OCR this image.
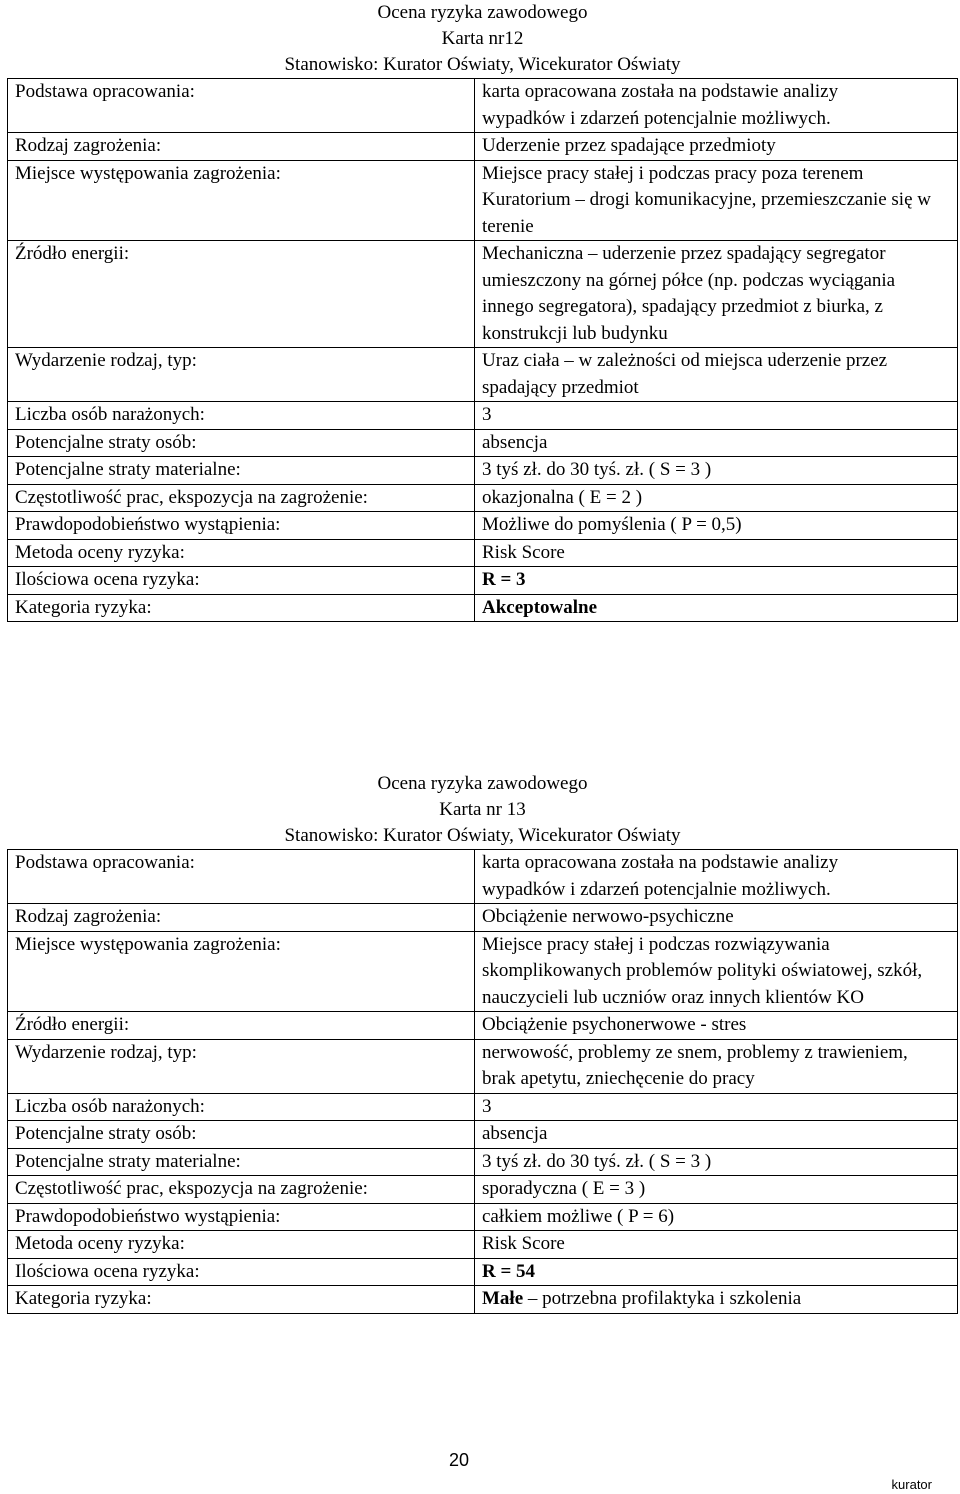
Ocena ryzyka zawodowego
Karta nr12
Stanowisko: Kurator Oświaty, Wicekurator Oświaty
Podstawa opracowania:	karta opracowana została na podstawie analizy wypadków i zdarzeń potencjalnie możliwych.
Rodzaj zagrożenia:	Uderzenie przez spadające przedmioty
Miejsce występowania zagrożenia:	Miejsce pracy stałej i podczas pracy poza terenem Kuratorium – drogi komunikacyjne, przemieszczanie się w terenie
Źródło energii:	Mechaniczna – uderzenie przez spadający segregator umieszczony na górnej półce (np. podczas wyciągania innego segregatora), spadający przedmiot z biurka, z konstrukcji lub budynku
Wydarzenie rodzaj, typ:	Uraz ciała – w zależności od miejsca uderzenie przez spadający przedmiot
Liczba osób narażonych:	3
Potencjalne straty osób:	absencja
Potencjalne straty materialne:	3 tyś zł. do 30 tyś. zł. ( S = 3 )
Częstotliwość prac, ekspozycja na zagrożenie:	okazjonalna ( E = 2 )
Prawdopodobieństwo wystąpienia:	Możliwe do pomyślenia ( P = 0,5)
Metoda oceny ryzyka:	Risk Score
Ilościowa ocena ryzyka:	R = 3
Kategoria ryzyka:	Akceptowalne
Ocena ryzyka zawodowego
Karta nr 13
Stanowisko: Kurator Oświaty, Wicekurator Oświaty
Podstawa opracowania:	karta opracowana została na podstawie analizy wypadków i zdarzeń potencjalnie możliwych.
Rodzaj zagrożenia:	Obciążenie nerwowo-psychiczne
Miejsce występowania zagrożenia:	Miejsce pracy stałej i podczas rozwiązywania skomplikowanych problemów polityki oświatowej, szkół, nauczycieli lub uczniów oraz innych klientów KO
Źródło energii:	Obciążenie psychonerwowe - stres
Wydarzenie rodzaj, typ:	nerwowość, problemy ze snem, problemy z trawieniem, brak apetytu, zniechęcenie do pracy
Liczba osób narażonych:	3
Potencjalne straty osób:	absencja
Potencjalne straty materialne:	3 tyś zł. do 30 tyś. zł. ( S = 3 )
Częstotliwość prac, ekspozycja na zagrożenie:	sporadyczna ( E = 3 )
Prawdopodobieństwo wystąpienia:	całkiem możliwe ( P = 6)
Metoda oceny ryzyka:	Risk Score
Ilościowa ocena ryzyka:	R = 54
Kategoria ryzyka:	Małe – potrzebna profilaktyka i szkolenia
20
kurator
